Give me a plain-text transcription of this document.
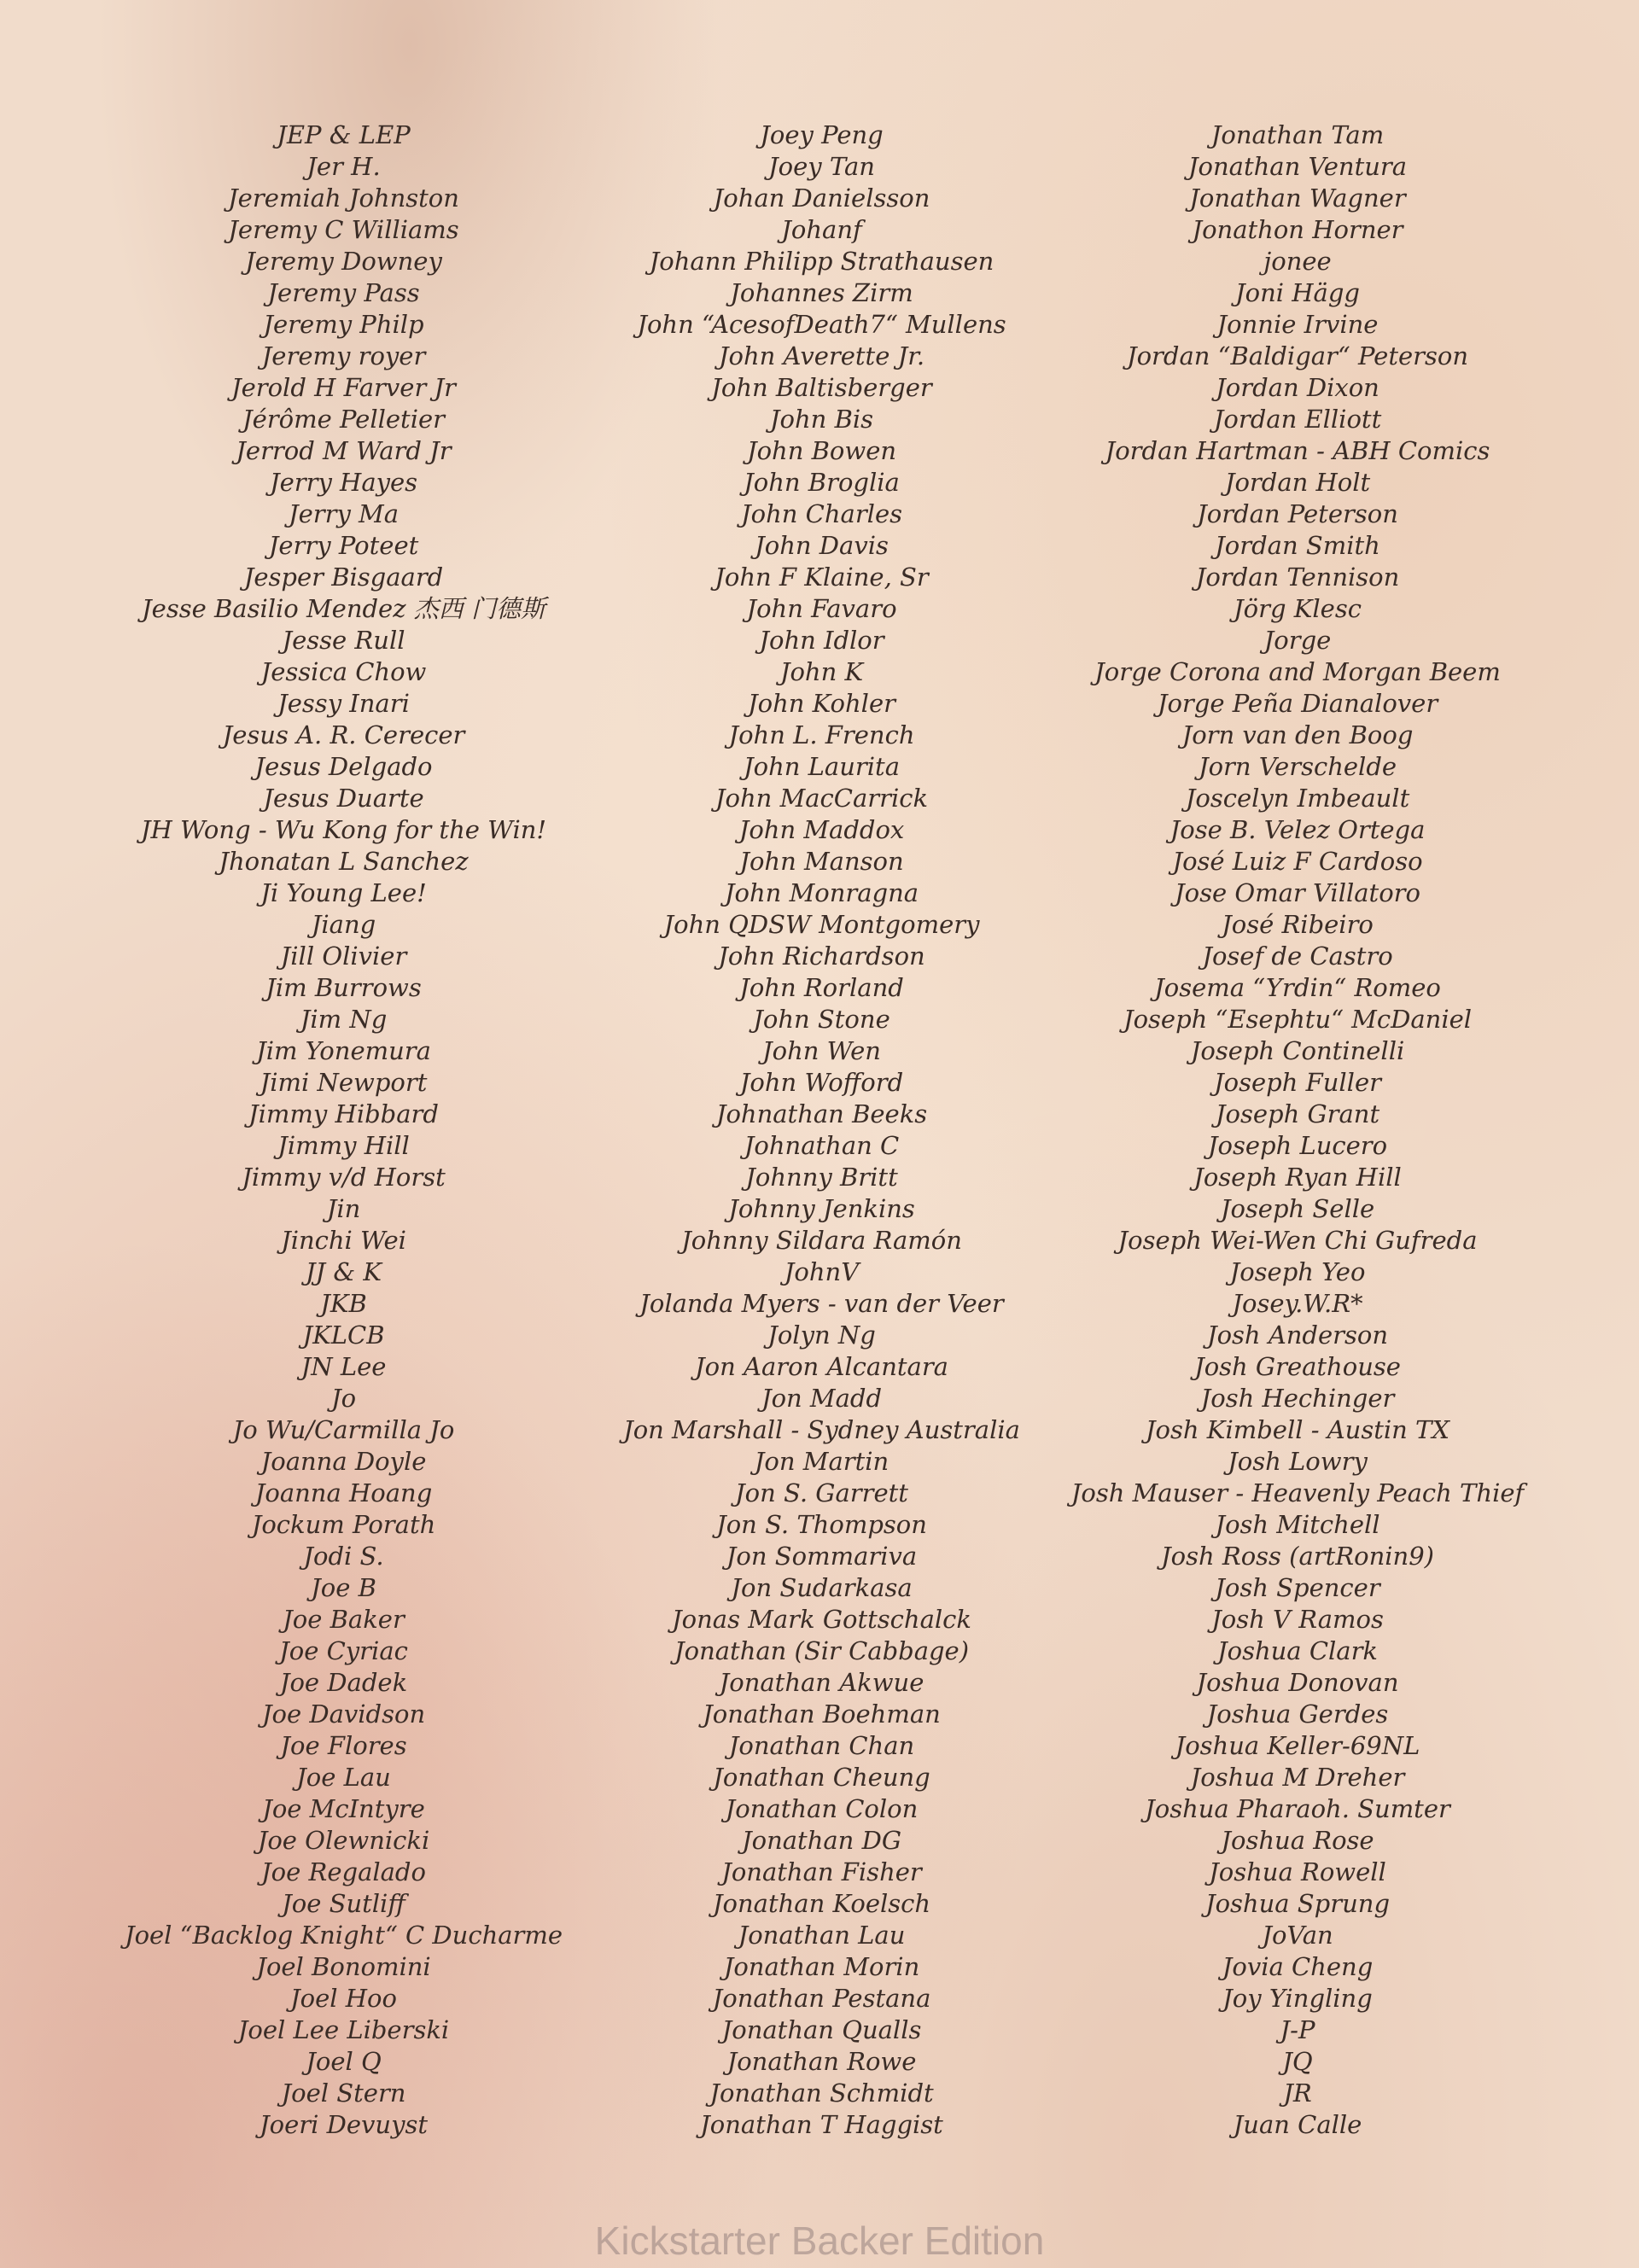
JEP & LEP
Jer H.
Jeremiah Johnston
Jeremy C Williams
Jeremy Downey
Jeremy Pass
Jeremy Philp
Jeremy royer
Jerold H Farver Jr
Jérôme Pelletier
Jerrod M Ward Jr
Jerry Hayes
Jerry Ma
Jerry Poteet
Jesper Bisgaard
Jesse Basilio Mendez 杰西 门德斯
Jesse Rull
Jessica Chow
Jessy Inari
Jesus A. R. Cerecer
Jesus Delgado
Jesus Duarte
JH Wong - Wu Kong for the Win!
Jhonatan L Sanchez
Ji Young Lee!
Jiang
Jill Olivier
Jim Burrows
Jim Ng
Jim Yonemura
Jimi Newport
Jimmy Hibbard
Jimmy Hill
Jimmy v/d Horst
Jin
Jinchi Wei
JJ & K
JKB
JKLCB
JN Lee
Jo
Jo Wu/Carmilla Jo
Joanna Doyle
Joanna Hoang
Jockum Porath
Jodi S.
Joe B
Joe Baker
Joe Cyriac
Joe Dadek
Joe Davidson
Joe Flores
Joe Lau
Joe McIntyre
Joe Olewnicki
Joe Regalado
Joe Sutliff
Joel “Backlog Knight“ C Ducharme
Joel Bonomini
Joel Hoo
Joel Lee Liberski
Joel Q
Joel Stern
Joeri Devuyst
Joey Peng
Joey Tan
Johan Danielsson
Johanf
Johann Philipp Strathausen
Johannes Zirm
John “AcesofDeath7“ Mullens
John Averette Jr.
John Baltisberger
John Bis
John Bowen
John Broglia
John Charles
John Davis
John F Klaine, Sr
John Favaro
John Idlor
John K
John Kohler
John L. French
John Laurita
John MacCarrick
John Maddox
John Manson
John Monragna
John QDSW Montgomery
John Richardson
John Rorland
John Stone
John Wen
John Wofford
Johnathan Beeks
Johnathan C
Johnny Britt
Johnny Jenkins
Johnny Sildara Ramón
JohnV
Jolanda Myers - van der Veer
Jolyn Ng
Jon Aaron Alcantara
Jon Madd
Jon Marshall - Sydney Australia
Jon Martin
Jon S. Garrett
Jon S. Thompson
Jon Sommariva
Jon Sudarkasa
Jonas Mark Gottschalck
Jonathan (Sir Cabbage)
Jonathan Akwue
Jonathan Boehman
Jonathan Chan
Jonathan Cheung
Jonathan Colon
Jonathan DG
Jonathan Fisher
Jonathan Koelsch
Jonathan Lau
Jonathan Morin
Jonathan Pestana
Jonathan Qualls
Jonathan Rowe
Jonathan Schmidt
Jonathan T Haggist
Jonathan Tam
Jonathan Ventura
Jonathan Wagner
Jonathon Horner
jonee
Joni Hägg
Jonnie Irvine
Jordan “Baldigar“ Peterson
Jordan Dixon
Jordan Elliott
Jordan Hartman - ABH Comics
Jordan Holt
Jordan Peterson
Jordan Smith
Jordan Tennison
Jörg Klesc
Jorge
Jorge Corona and Morgan Beem
Jorge Peña Dianalover
Jorn van den Boog
Jorn Verschelde
Joscelyn Imbeault
Jose B. Velez Ortega
José Luiz F Cardoso
Jose Omar Villatoro
José Ribeiro
Josef de Castro
Josema “Yrdin“ Romeo
Joseph “Esephtu“ McDaniel
Joseph Continelli
Joseph Fuller
Joseph Grant
Joseph Lucero
Joseph Ryan Hill
Joseph Selle
Joseph Wei-Wen Chi Gufreda
Joseph Yeo
Josey.W.R*
Josh Anderson
Josh Greathouse
Josh Hechinger
Josh Kimbell - Austin TX
Josh Lowry
Josh Mauser - Heavenly Peach Thief
Josh Mitchell
Josh Ross (artRonin9)
Josh Spencer
Josh V Ramos
Joshua Clark
Joshua Donovan
Joshua Gerdes
Joshua Keller-69NL
Joshua M Dreher
Joshua Pharaoh. Sumter
Joshua Rose
Joshua Rowell
Joshua Sprung
JoVan
Jovia Cheng
Joy Yingling
J-P
JQ
JR
Juan Calle
Kickstarter Backer Edition
